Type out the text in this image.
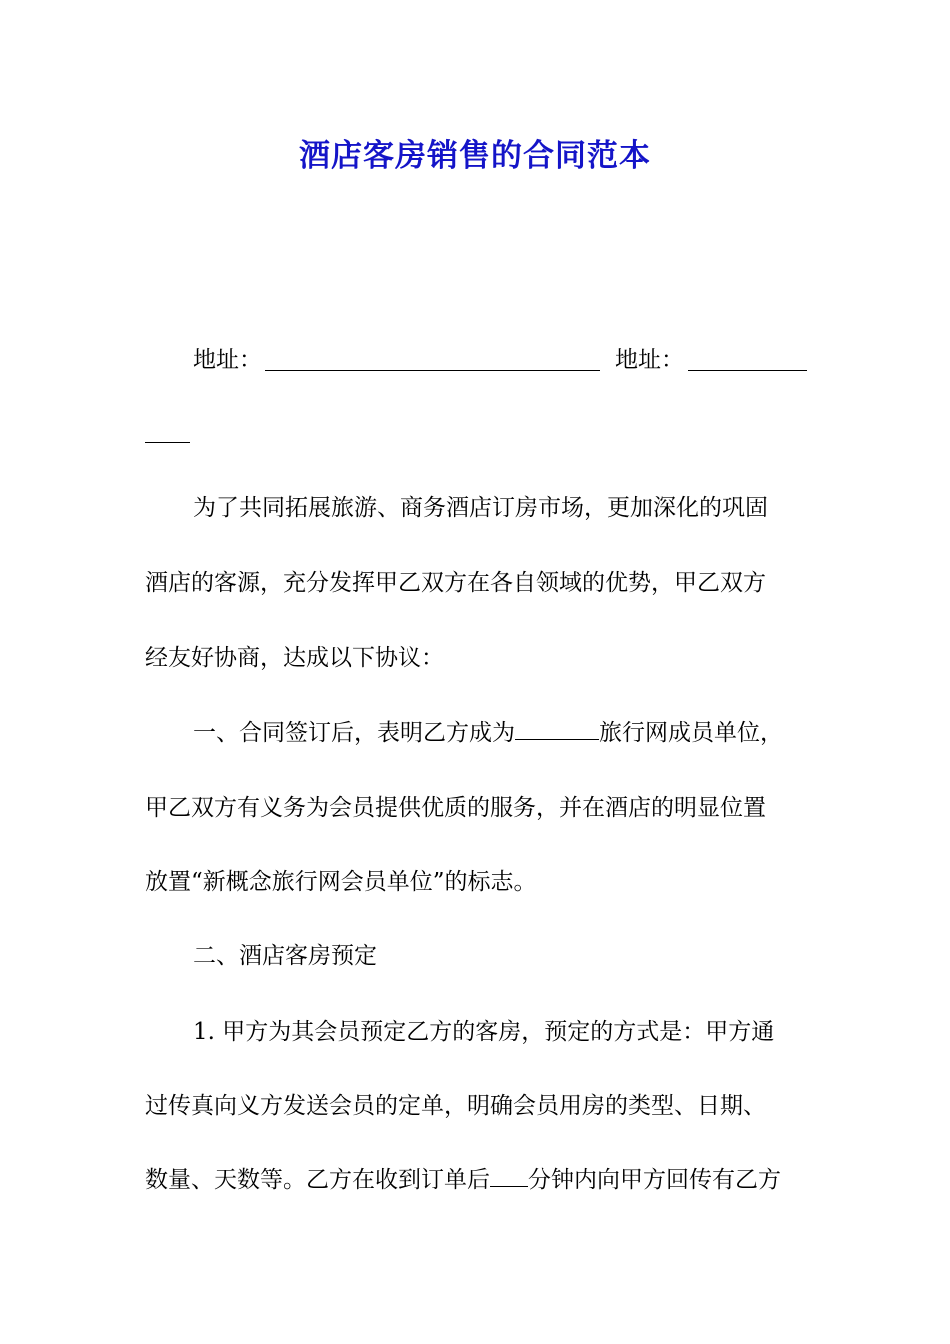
酒店客房销售的合同范本
地址：	地址：
为了共同拓展旅游、商务酒店订房市场，更加深化的巩固
酒店的客源，充分发挥甲乙双方在各自领域的优势，甲乙双方
经友好协商，达成以下协议：
一、合同签订后，表明乙方成为	旅行网成员单位，
甲乙双方有义务为会员提供优质的服务，并在酒店的明显位置
放置“新概念旅行网会员单位”的标志。
二、酒店客房预定
1. 甲方为其会员预定乙方的客房，预定的方式是：甲方通
过传真向义方发送会员的定单，明确会员用房的类型、日期、
数量、天数等。乙方在收到订单后 分钟内向甲方回传有乙方
